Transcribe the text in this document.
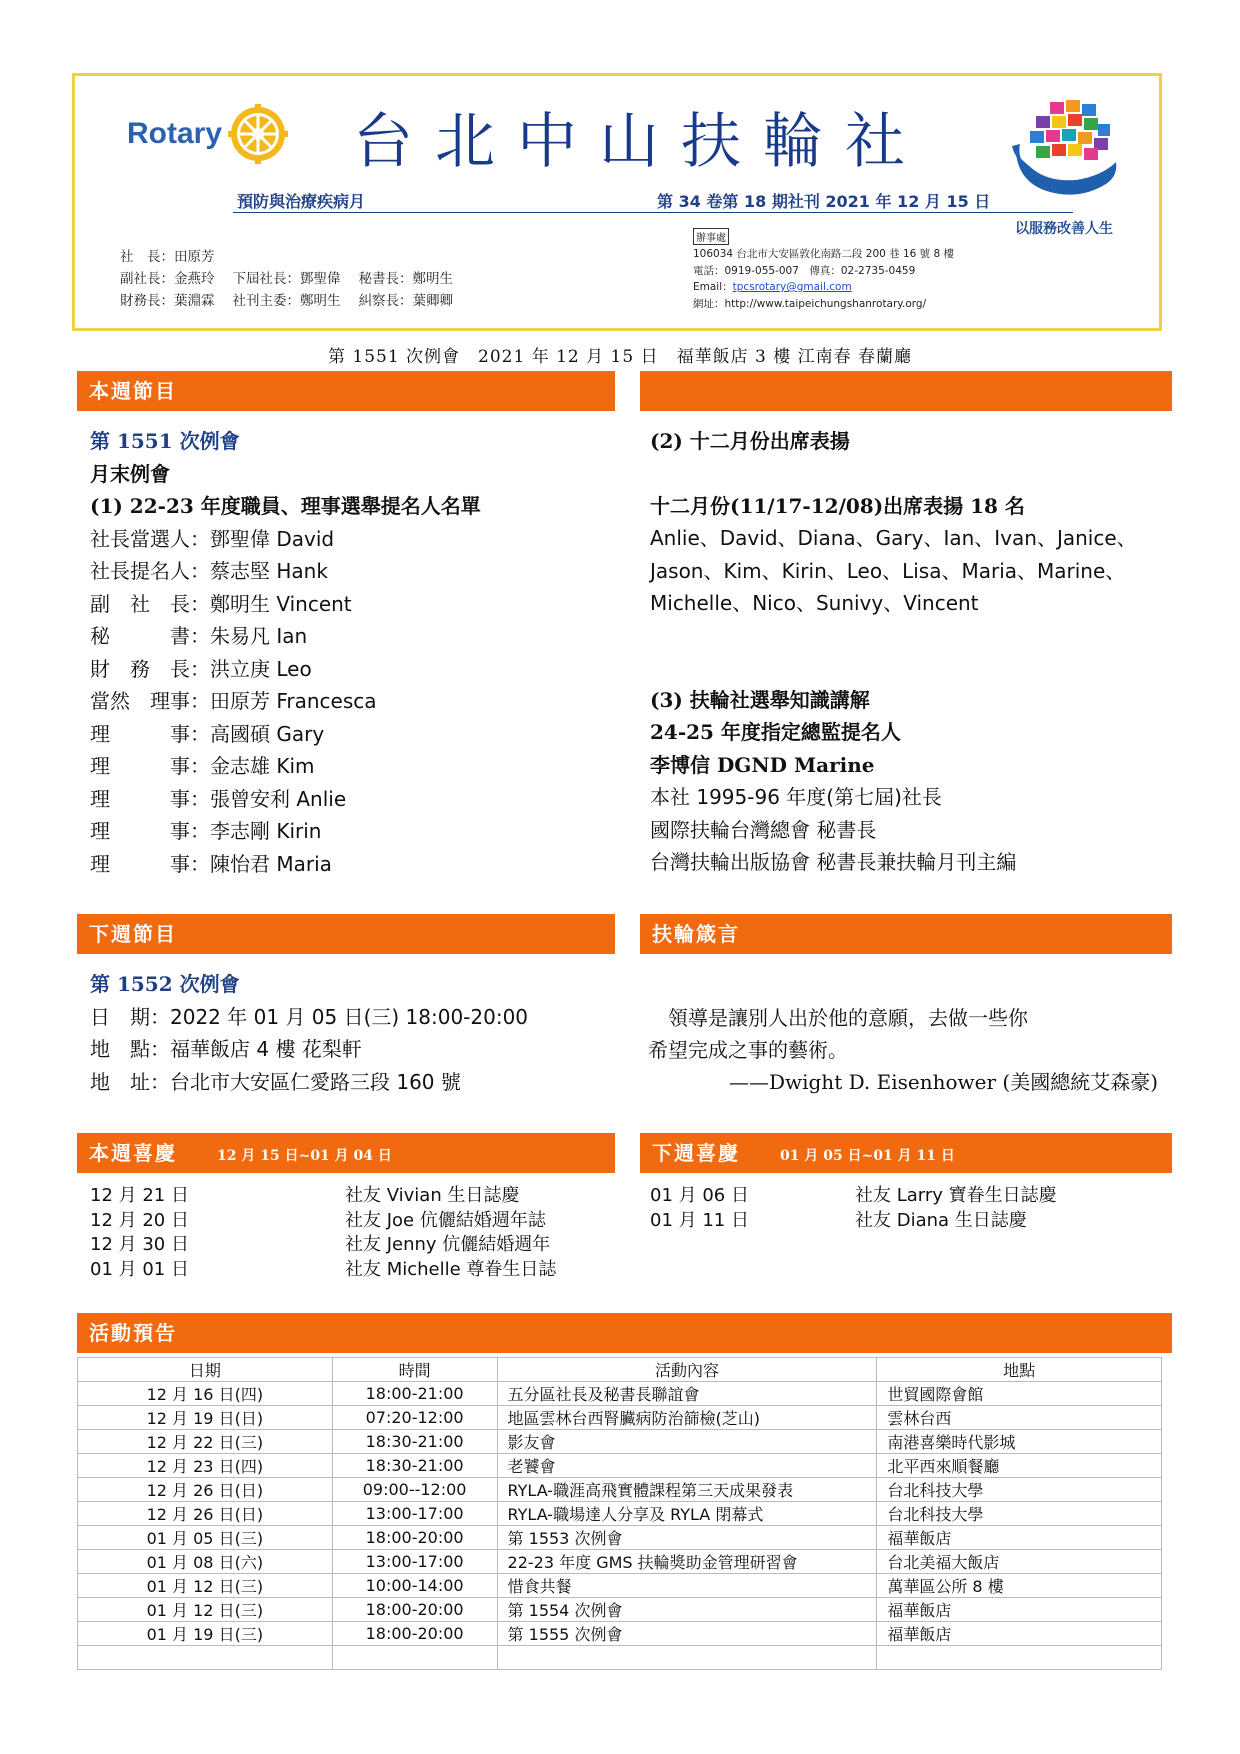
Rotary 台北中山扶輪社
以服務改善人生
預防與治療疾病月	第 34 卷第 18 期社刊 2021 年 12 月 15 日
社　長：田原芳
副社長：金燕玲 下屆社長：鄧聖偉 秘書長：鄭明生
財務長：葉淵霖 社刊主委：鄭明生 糾察長：葉卿卿
辦事處
106034 台北市大安區敦化南路二段 200 巷 16 號 8 樓
電話：0919-055-007　傳真：02-2735-0459
Email：tpcsrotary@gmail.com
網址：http://www.taipeichungshanrotary.org/
第 1551 次例會　2021 年 12 月 15 日　福華飯店 3 樓 江南春 春蘭廳
本週節目
第 1551 次例會
月末例會
(1) 22-23 年度職員、理事選舉提名人名單
社長當選人：鄧聖偉 David
社長提名人：蔡志堅 Hank
副　社　長：鄭明生 Vincent
秘　　　書：朱易凡 Ian
財　務　長：洪立庚 Leo
當然　理事：田原芳 Francesca
理　　　事：高國碩 Gary
理　　　事：金志雄 Kim
理　　　事：張曾安利 Anlie
理　　　事：李志剛 Kirin
理　　　事：陳怡君 Maria
(2) 十二月份出席表揚
十二月份(11/17-12/08)出席表揚 18 名
Anlie、David、Diana、Gary、Ian、Ivan、Janice、
Jason、Kim、Kirin、Leo、Lisa、Maria、Marine、
Michelle、Nico、Sunivy、Vincent
(3) 扶輪社選舉知識講解
24-25 年度指定總監提名人
李博信 DGND Marine
本社 1995-96 年度(第七屆)社長
國際扶輪台灣總會 秘書長
台灣扶輪出版協會 秘書長兼扶輪月刊主編
下週節目	扶輪箴言
第 1552 次例會
日　期：2022 年 01 月 05 日(三) 18:00-20:00
地　點：福華飯店 4 樓 花梨軒
地　址：台北市大安區仁愛路三段 160 號
　領導是讓別人出於他的意願，去做一些你
希望完成之事的藝術。
——Dwight D. Eisenhower (美國總統艾森豪)
本週喜慶	12 月 15 日~01 月 04 日	下週喜慶	01 月 05 日~01 月 11 日
12 月 21 日	社友 Vivian 生日誌慶
12 月 20 日	社友 Joe 伉儷結婚週年誌
12 月 30 日	社友 Jenny 伉儷結婚週年
01 月 01 日	社友 Michelle 尊眷生日誌
01 月 06 日	社友 Larry 寶眷生日誌慶
01 月 11 日	社友 Diana 生日誌慶
活動預告
日期	時間	活動內容	地點
12 月 16 日(四)	18:00-21:00	五分區社長及秘書長聯誼會	世貿國際會館
12 月 19 日(日)	07:20-12:00	地區雲林台西腎臟病防治篩檢(芝山)	雲林台西
12 月 22 日(三)	18:30-21:00	影友會	南港喜樂時代影城
12 月 23 日(四)	18:30-21:00	老饕會	北平西來順餐廳
12 月 26 日(日)	09:00--12:00	RYLA-職涯高飛實體課程第三天成果發表	台北科技大學
12 月 26 日(日)	13:00-17:00	RYLA-職場達人分享及 RYLA 閉幕式	台北科技大學
01 月 05 日(三)	18:00-20:00	第 1553 次例會	福華飯店
01 月 08 日(六)	13:00-17:00	22-23 年度 GMS 扶輪獎助金管理研習會	台北美福大飯店
01 月 12 日(三)	10:00-14:00	惜食共餐	萬華區公所 8 樓
01 月 12 日(三)	18:00-20:00	第 1554 次例會	福華飯店
01 月 19 日(三)	18:00-20:00	第 1555 次例會	福華飯店
